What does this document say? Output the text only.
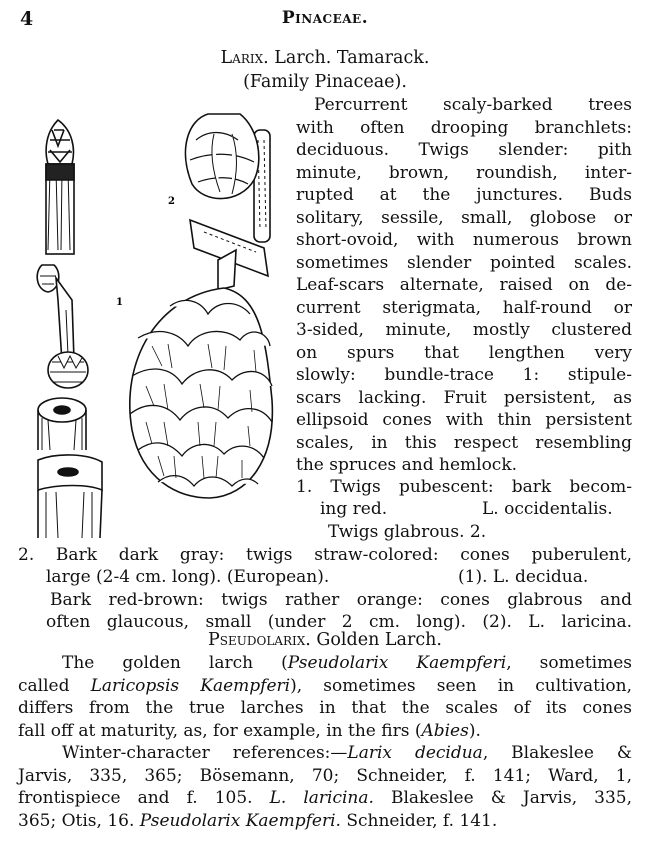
4	Pinaceae.
Larix. Larch. Tamarack.
(Family Pinaceae).
2
1
Percurrent scaly-barked trees
with often drooping branchlets:
deciduous. Twigs slender: pith
minute, brown, roundish, inter-
rupted at the junctures. Buds
solitary, sessile, small, globose or
short-ovoid, with numerous brown
sometimes slender pointed scales.
Leaf-scars alternate, raised on de-
current sterigmata, half-round or
3-sided, minute, mostly clustered
on spurs that lengthen very
slowly: bundle-trace 1: stipule-
scars lacking. Fruit persistent, as
ellipsoid cones with thin persistent
scales, in this respect resembling
the spruces and hemlock.
1. Twigs pubescent: bark becom-
ing red.	L. occidentalis.
Twigs glabrous. 2.
2. Bark dark gray: twigs straw-colored: cones puberulent,
large (2-4 cm. long). (European).	(1). L. decidua.
Bark red-brown: twigs rather orange: cones glabrous and
often glaucous, small (under 2 cm. long). (2). L. laricina.
Pseudolarix. Golden Larch.
The golden larch (Pseudolarix Kaempferi, sometimes
called Laricopsis Kaempferi), sometimes seen in cultivation,
differs from the true larches in that the scales of its cones
fall off at maturity, as, for example, in the firs (Abies).
Winter-character references:—Larix decidua, Blakeslee &
Jarvis, 335, 365; Bösemann, 70; Schneider, f. 141; Ward, 1,
frontispiece and f. 105. L. laricina. Blakeslee & Jarvis, 335,
365; Otis, 16. Pseudolarix Kaempferi. Schneider, f. 141.
